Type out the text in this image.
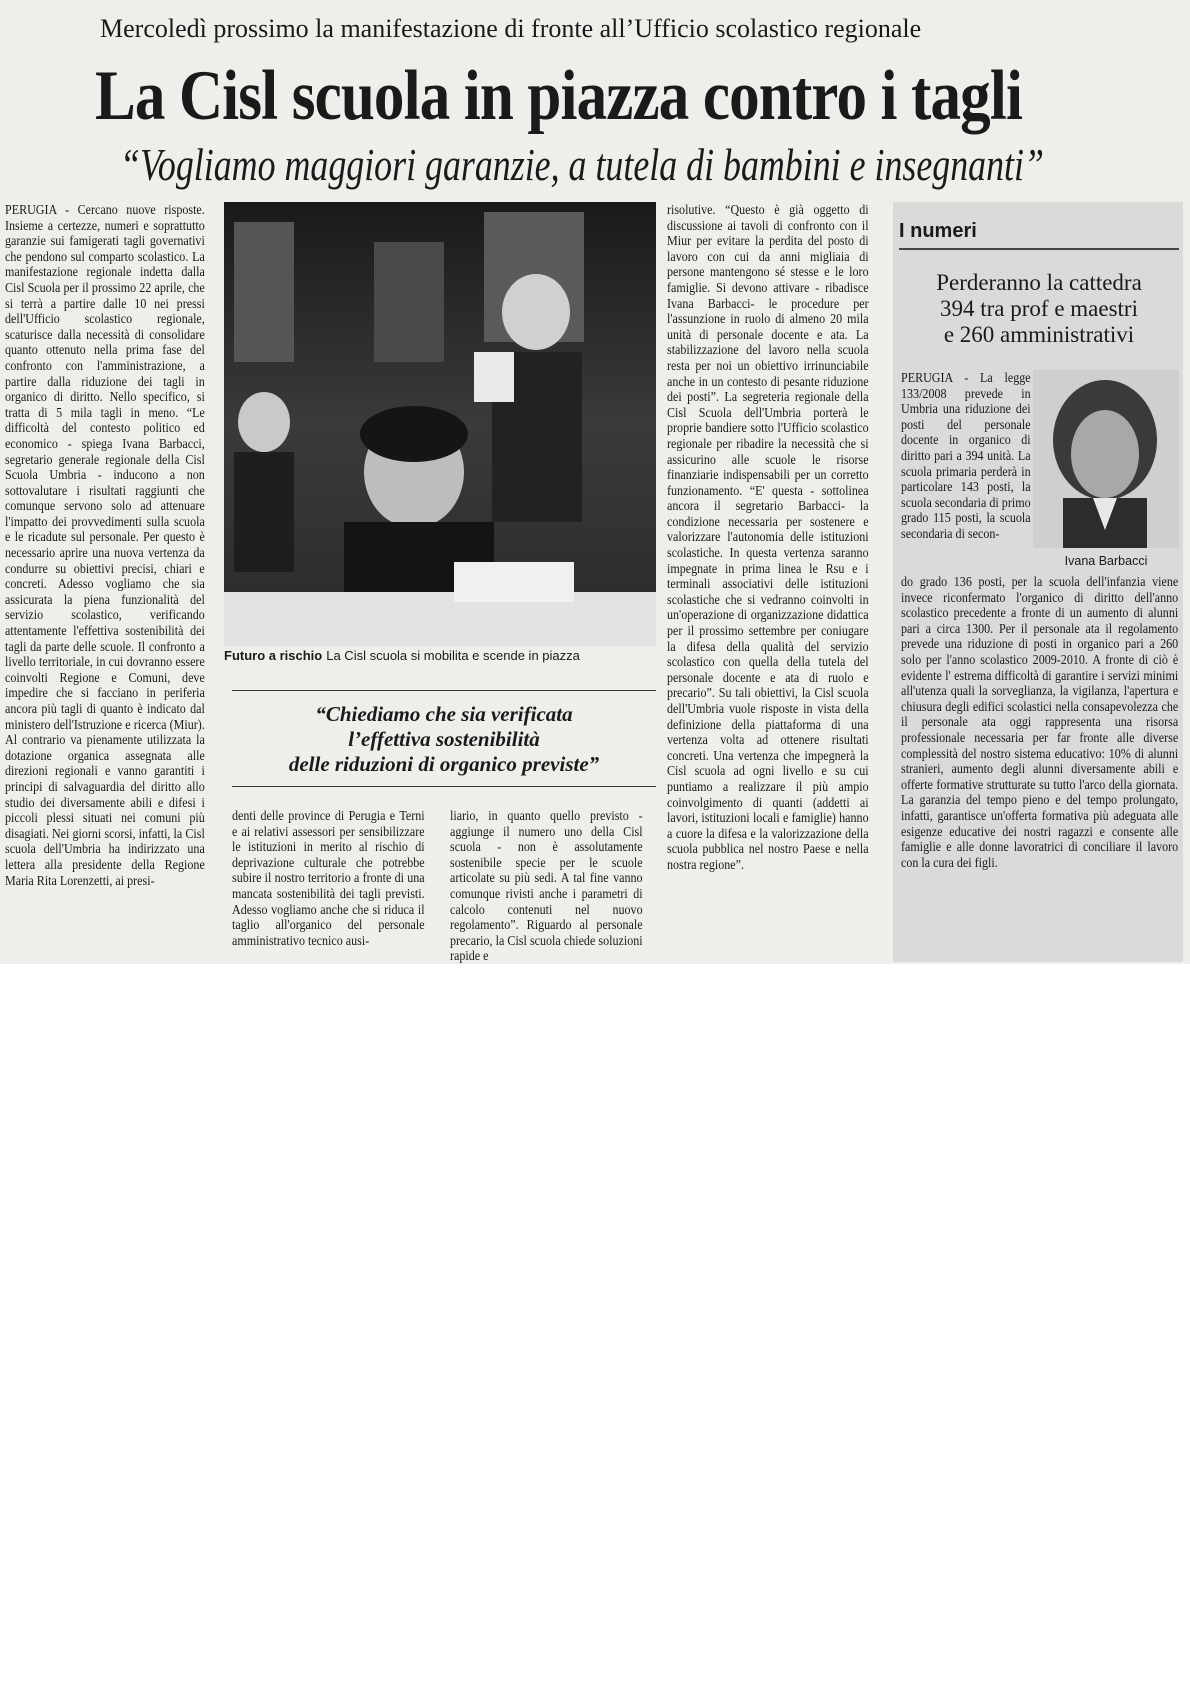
Mercoledì prossimo la manifestazione di fronte all’Ufficio scolastico regionale
La Cisl scuola in piazza contro i tagli
“Vogliamo maggiori garanzie, a tutela di bambini e insegnanti”

PERUGIA - Cercano nuove risposte. Insieme a certezze, numeri e soprattutto garanzie sui famigerati tagli governativi che pendono sul comparto scolastico. La manifestazione regionale indetta dalla Cisl Scuola per il prossimo 22 aprile, che si terrà a partire dalle 10 nei pressi dell'Ufficio scolastico regionale, scaturisce dalla necessità di consolidare quanto ottenuto nella prima fase del confronto con l'amministrazione, a partire dalla riduzione dei tagli in organico di diritto. Nello specifico, si tratta di 5 mila tagli in meno. “Le difficoltà del contesto politico ed economico - spiega Ivana Barbacci, segretario generale regionale della Cisl Scuola Umbria - inducono a non sottovalutare i risultati raggiunti che comunque servono solo ad attenuare l'impatto dei provvedimenti sulla scuola e le ricadute sul personale. Per questo è necessario aprire una nuova vertenza da condurre su obiettivi precisi, chiari e concreti. Adesso vogliamo che sia assicurata la piena funzionalità del servizio scolastico, verificando attentamente l'effettiva sostenibilità dei tagli da parte delle scuole. Il confronto a livello territoriale, in cui dovranno essere coinvolti Regione e Comuni, deve impedire che si facciano in periferia ancora più tagli di quanto è indicato dal ministero dell'Istruzione e ricerca (Miur). Al contrario va pienamente utilizzata la dotazione organica assegnata alle direzioni regionali e vanno garantiti i principi di salvaguardia del diritto allo studio dei diversamente abili e difesi i piccoli plessi situati nei comuni più disagiati. Nei giorni scorsi, infatti, la Cisl scuola dell'Umbria ha indirizzato una lettera alla presidente della Regione Maria Rita Lorenzetti, ai presi-

Futuro a rischio La Cisl scuola si mobilita e scende in piazza
“Chiediamo che sia verificata
l’effettiva sostenibilità
delle riduzioni di organico previste”

denti delle province di Perugia e Terni e ai relativi assessori per sensibilizzare le istituzioni in merito al rischio di deprivazione culturale che potrebbe subire il nostro territorio a fronte di una mancata sostenibilità dei tagli previsti. Adesso vogliamo anche che si riduca il taglio all'organico del personale amministrativo tecnico ausi-

liario, in quanto quello previsto - aggiunge il numero uno della Cisl scuola - non è assolutamente sostenibile specie per le scuole articolate su più sedi. A tal fine vanno comunque rivisti anche i parametri di calcolo contenuti nel nuovo regolamento”. Riguardo al personale precario, la Cisl scuola chiede soluzioni rapide e

risolutive. “Questo è già oggetto di discussione ai tavoli di confronto con il Miur per evitare la perdita del posto di lavoro con cui da anni migliaia di persone mantengono sé stesse e le loro famiglie. Si devono attivare - ribadisce Ivana Barbacci- le procedure per l'assunzione in ruolo di almeno 20 mila unità di personale docente e ata. La stabilizzazione del lavoro nella scuola resta per noi un obiettivo irrinunciabile anche in un contesto di pesante riduzione dei posti”. La segreteria regionale della Cisl Scuola dell'Umbria porterà le proprie bandiere sotto l'Ufficio scolastico regionale per ribadire la necessità che si assicurino alle scuole le risorse finanziarie indispensabili per un corretto funzionamento. “E' questa - sottolinea ancora il segretario Barbacci- la condizione necessaria per sostenere e valorizzare l'autonomia delle istituzioni scolastiche. In questa vertenza saranno impegnate in prima linea le Rsu e i terminali associativi delle istituzioni scolastiche che si vedranno coinvolti in un'operazione di organizzazione didattica per il prossimo settembre per coniugare la difesa della qualità del servizio scolastico con quella della tutela del personale docente e ata di ruolo e precario”. Su tali obiettivi, la Cisl scuola dell'Umbria vuole risposte in vista della definizione della piattaforma di una vertenza volta ad ottenere risultati concreti. Una vertenza che impegnerà la Cisl scuola ad ogni livello e su cui puntiamo a realizzare il più ampio coinvolgimento di quanti (addetti ai lavori, istituzioni locali e famiglie) hanno a cuore la difesa e la valorizzazione della scuola pubblica nel nostro Paese e nella nostra regione”.

I numeri
Perderanno la cattedra
394 tra prof e maestri
e 260 amministrativi

PERUGIA - La legge 133/2008 prevede in Umbria una riduzione dei posti del personale docente in organico di diritto pari a 394 unità. La scuola primaria perderà in particolare 143 posti, la scuola secondaria di primo grado 115 posti, la scuola secondaria di secon-

Ivana Barbacci

do grado 136 posti, per la scuola dell'infanzia viene invece riconfermato l'organico di diritto dell'anno scolastico precedente a fronte di un aumento di alunni pari a circa 1300. Per il personale ata il regolamento prevede una riduzione di posti in organico pari a 260 solo per l'anno scolastico 2009-2010. A fronte di ciò è evidente l' estrema difficoltà di garantire i servizi minimi all'utenza quali la sorveglianza, la vigilanza, l'apertura e chiusura degli edifici scolastici nella consapevolezza che il personale ata oggi rappresenta una risorsa professionale necessaria per far fronte alle diverse complessità del nostro sistema educativo: 10% di alunni stranieri, aumento degli alunni diversamente abili e offerte formative strutturate su tutto l'arco della giornata. La garanzia del tempo pieno e del tempo prolungato, infatti, garantisce un'offerta formativa più adeguata alle esigenze educative dei nostri ragazzi e consente alle famiglie e alle donne lavoratrici di conciliare il lavoro con la cura dei figli.
